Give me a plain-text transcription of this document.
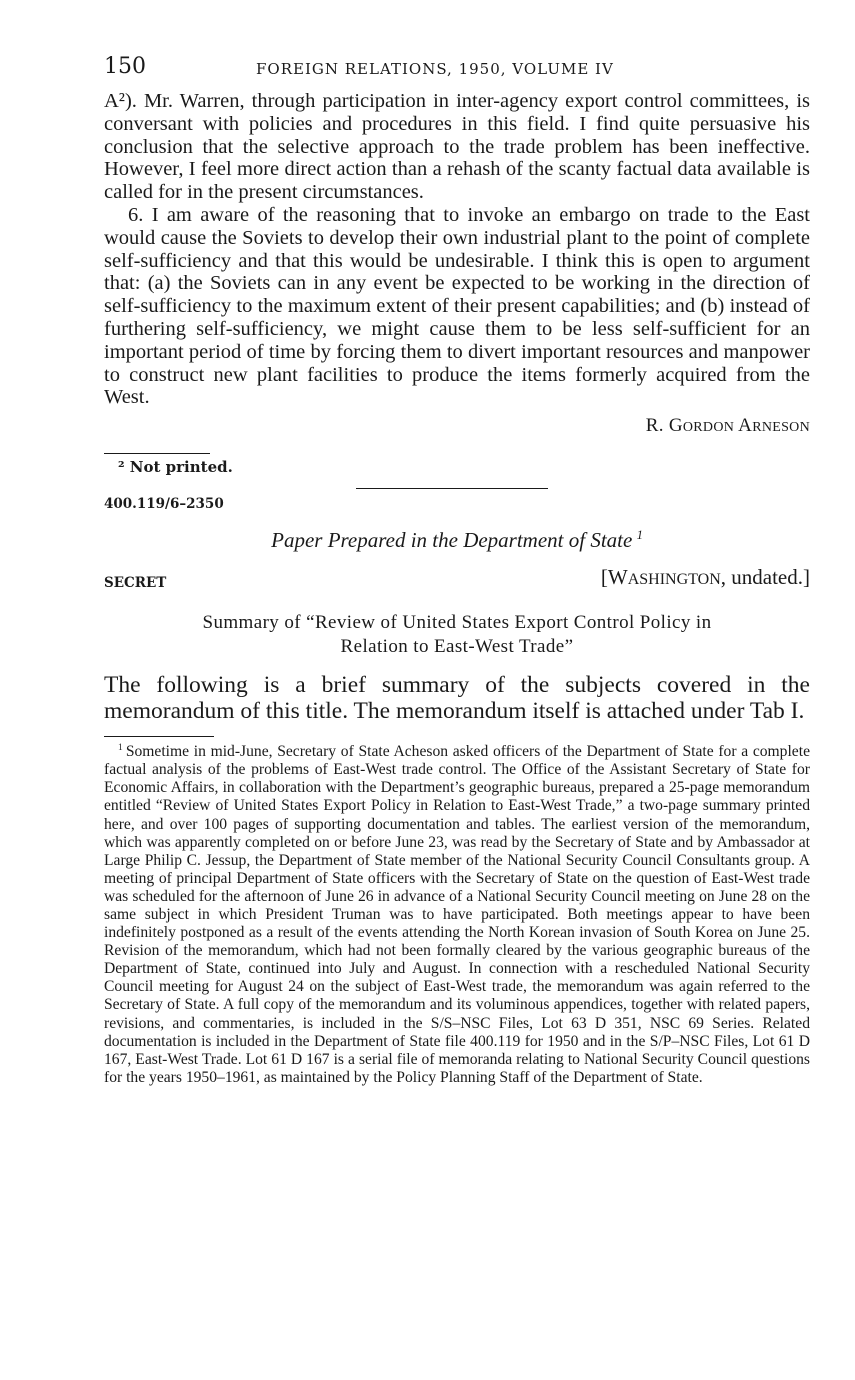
150	FOREIGN RELATIONS, 1950, VOLUME IV

A²). Mr. Warren, through participation in inter-agency export control committees, is conversant with policies and procedures in this field. I find quite persuasive his conclusion that the selective approach to the trade problem has been ineffective. However, I feel more direct action than a rehash of the scanty factual data available is called for in the present circumstances.

6. I am aware of the reasoning that to invoke an embargo on trade to the East would cause the Soviets to develop their own industrial plant to the point of complete self-sufficiency and that this would be undesirable. I think this is open to argument that: (a) the Soviets can in any event be expected to be working in the direction of self-sufficiency to the maximum extent of their present capabilities; and (b) instead of furthering self-sufficiency, we might cause them to be less self-sufficient for an important period of time by forcing them to divert important resources and manpower to construct new plant facilities to produce the items formerly acquired from the West.

R. GORDON ARNESON
² Not printed.
400.119/6–2350
Paper Prepared in the Department of State  $^1$
SECRET	[WASHINGTON, undated.]
Summary of “Review of United States Export Control Policy in
Relation to East-West Trade”

The following is a brief summary of the subjects covered in the memorandum of this title. The memorandum itself is attached under Tab I.

$^1$  Sometime in mid-June, Secretary of State Acheson asked officers of the Department of State for a complete factual analysis of the problems of East-West trade control. The Office of the Assistant Secretary of State for Economic Affairs, in collaboration with the Department’s geographic bureaus, prepared a 25-page memorandum entitled “Review of United States Export Policy in Relation to East-West Trade,” a two-page summary printed here, and over 100 pages of supporting documentation and tables. The earliest version of the memorandum, which was apparently completed on or before June 23, was read by the Secretary of State and by Ambassador at Large Philip C. Jessup, the Department of State member of the National Security Council Consultants group. A meeting of principal Department of State officers with the Secretary of State on the question of East-West trade was scheduled for the afternoon of June 26 in advance of a National Security Council meeting on June 28 on the same subject in which President Truman was to have participated. Both meetings appear to have been indefinitely postponed as a result of the events attending the North Korean invasion of South Korea on June 25. Revision of the memorandum, which had not been formally cleared by the various geographic bureaus of the Department of State, continued into July and August. In connection with a rescheduled National Security Council meeting for August 24 on the subject of East-West trade, the memorandum was again referred to the Secretary of State. A full copy of the memorandum and its voluminous appendices, together with related papers, revisions, and commentaries, is included in the S/S–NSC Files, Lot 63 D 351, NSC 69 Series. Related documentation is included in the Department of State file 400.119 for 1950 and in the S/P–NSC Files, Lot 61 D 167, East-West Trade. Lot 61 D 167 is a serial file of memoranda relating to National Security Council questions for the years 1950–1961, as maintained by the Policy Planning Staff of the Department of State.
